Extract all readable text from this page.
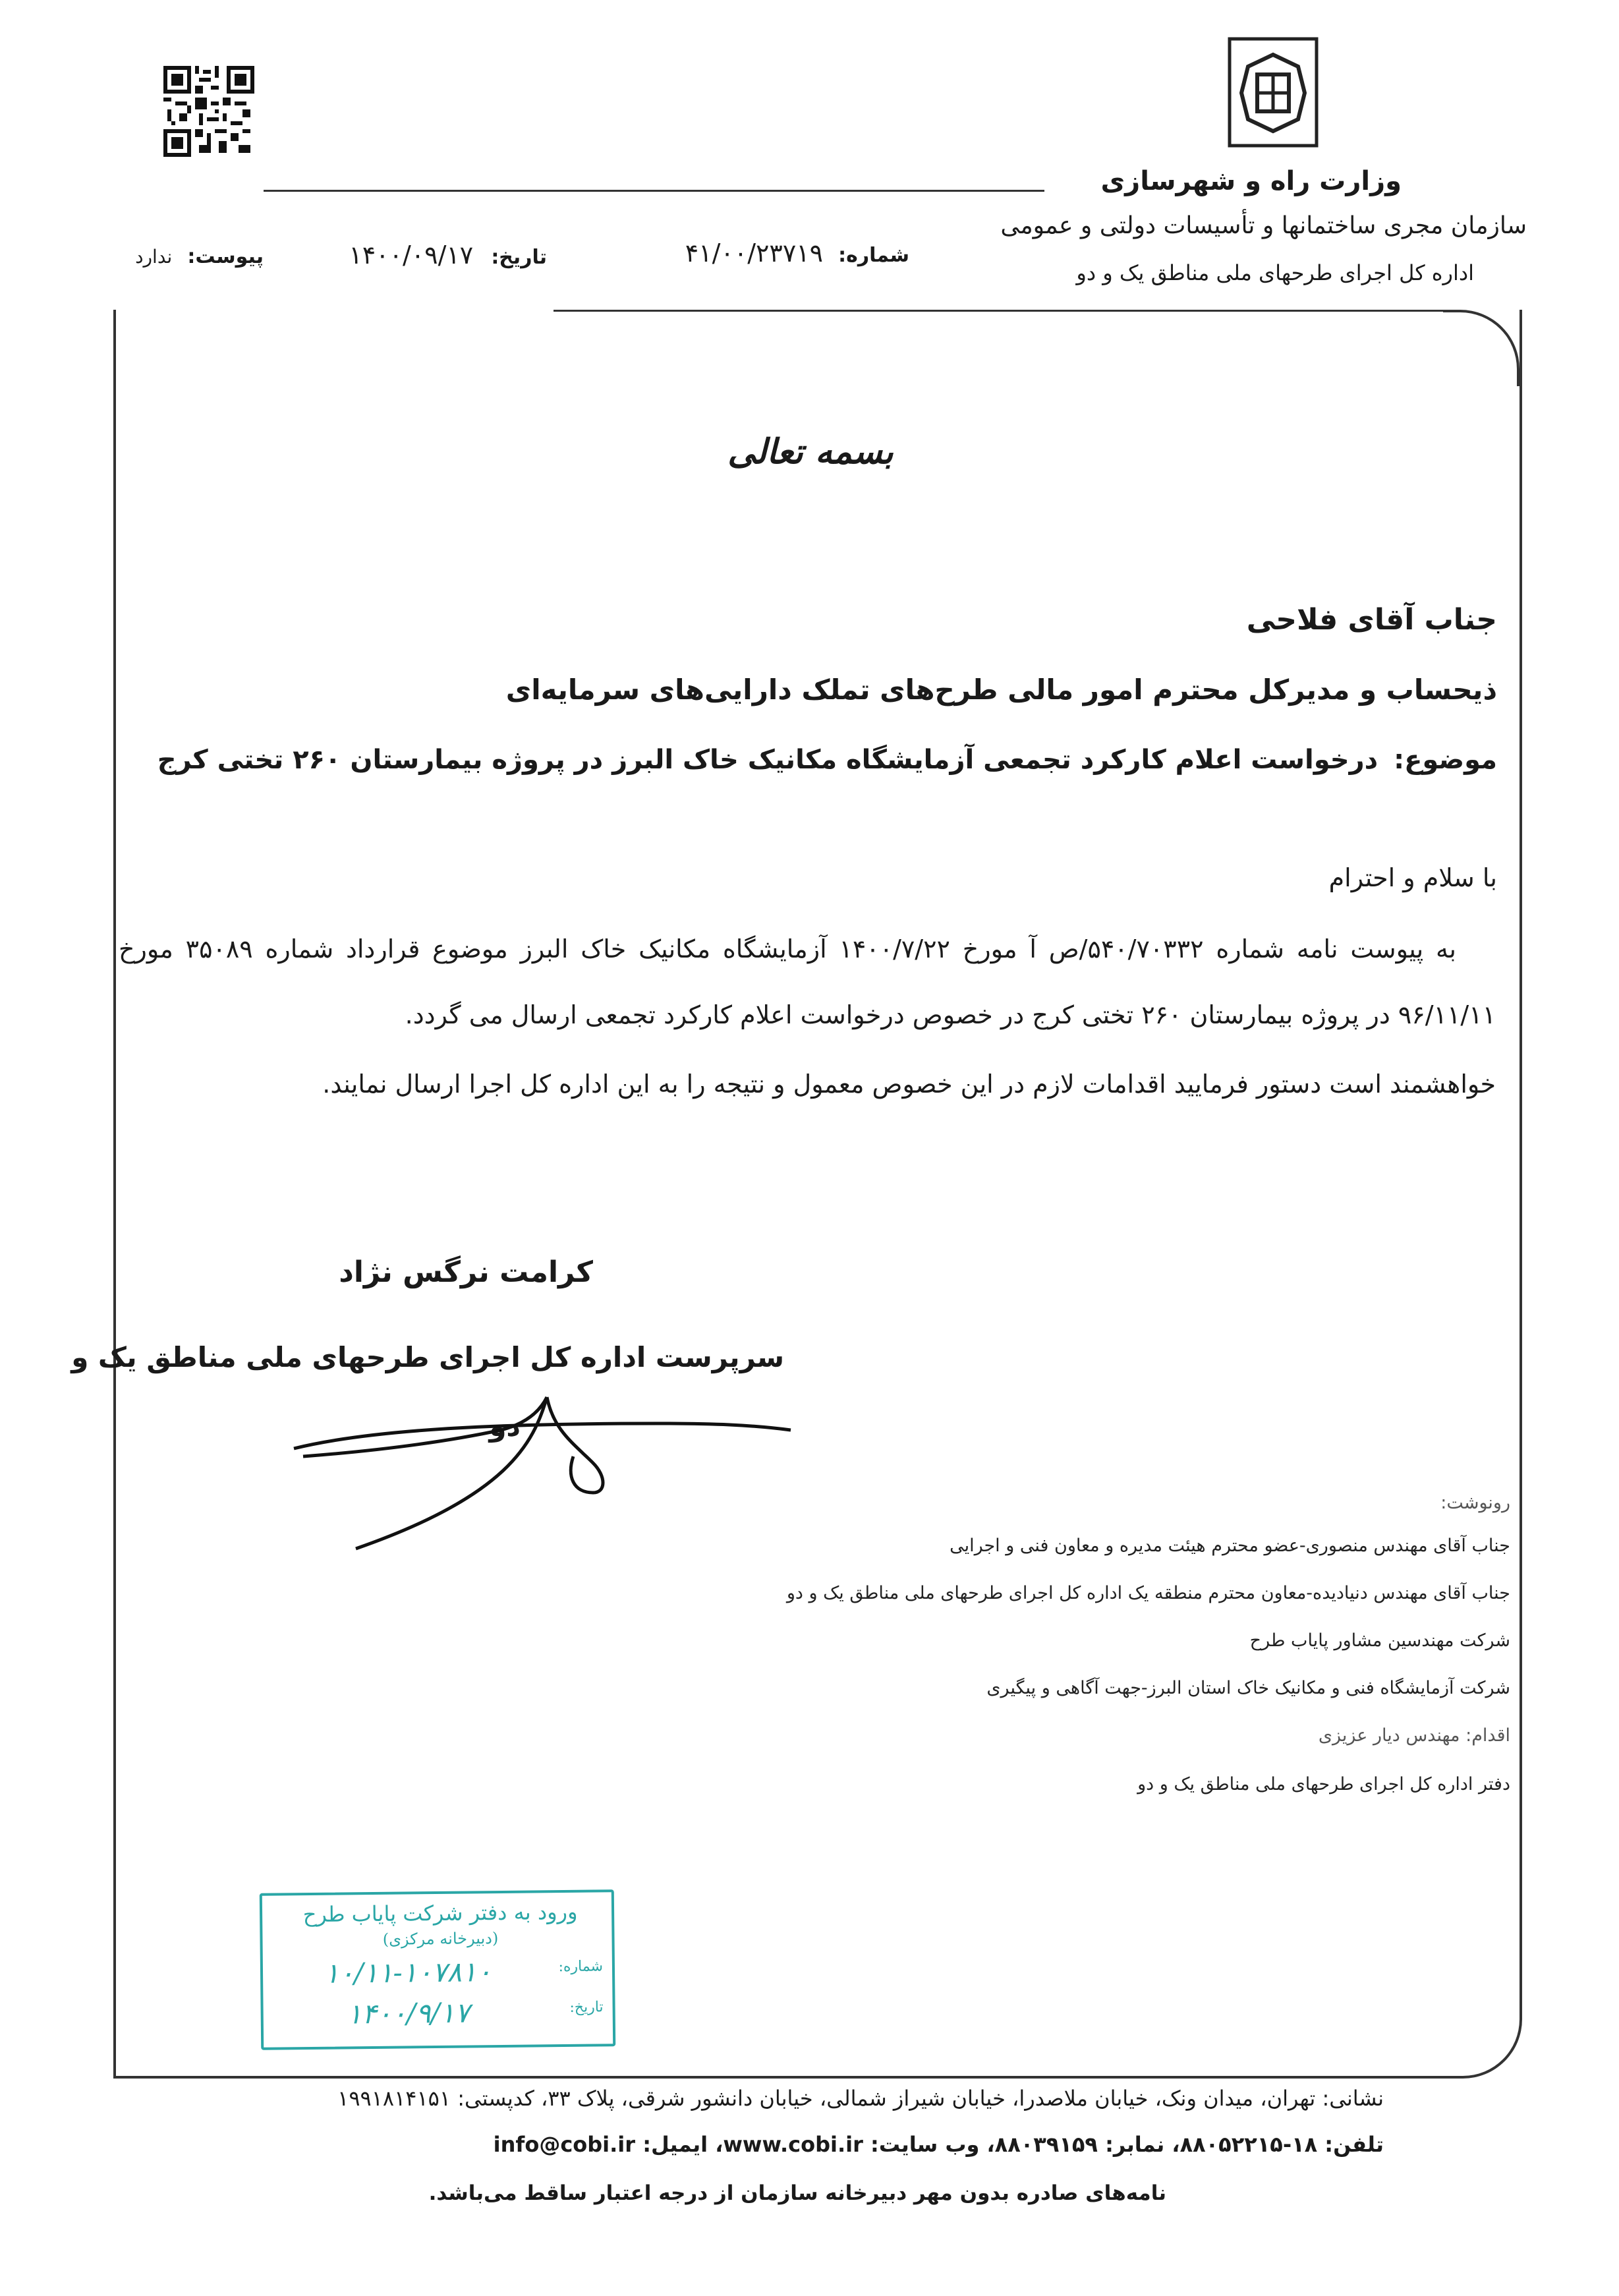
وزارت راه و شهرسازی
سازمان مجری ساختمانها و تأسیسات دولتی و عمومی
اداره کل اجرای طرحهای ملی مناطق یک و دو
شماره: ۴۱/۰۰/۲۳۷۱۹
تاریخ: ۱۴۰۰/۰۹/۱۷
پیوست: ندارد
بسمه تعالی
جناب آقای فلاحی
ذیحساب و مدیرکل محترم امور مالی طرح‌های تملک دارایی‌های سرمایه‌ای
موضوع: درخواست اعلام کارکرد تجمعی آزمایشگاه مکانیک خاک البرز در پروژه بیمارستان ۲۶۰ تختی کرج
با سلام و احترام
به پیوست نامه شماره ۵۴۰/۷۰۳۳۲/ص آ مورخ ۱۴۰۰/۷/۲۲ آزمایشگاه مکانیک خاک البرز موضوع قرارداد شماره ۳۵۰۸۹ مورخ ۹۶/۱۱/۱۱ در پروژه بیمارستان ۲۶۰ تختی کرج در خصوص درخواست اعلام کارکرد تجمعی ارسال می گردد.
خواهشمند است دستور فرمایید اقدامات لازم در این خصوص معمول و نتیجه را به این اداره کل اجرا ارسال نمایند.
کرامت نرگس نژاد
سرپرست اداره کل اجرای طرحهای ملی مناطق یک و
دو
رونوشت:
جناب آقای مهندس منصوری-عضو محترم هیئت مدیره و معاون فنی و اجرایی
جناب آقای مهندس دنیادیده-معاون محترم منطقه یک اداره کل اجرای طرحهای ملی مناطق یک و دو
شرکت مهندسین مشاور پایاب طرح
شرکت آزمایشگاه فنی و مکانیک خاک استان البرز-جهت آگاهی و پیگیری
اقدام: مهندس دیار عزیزی
دفتر اداره کل اجرای طرحهای ملی مناطق یک و دو
ورود به دفتر شرکت پایاب طرح
(دبیرخانه مرکزی)
شماره:
۱۰/۱۱-۱۰۷۸۱۰
تاریخ:
۱۴۰۰/۹/۱۷
نشانی: تهران، میدان ونک، خیابان ملاصدرا، خیابان شیراز شمالی، خیابان دانشور شرقی، پلاک ۳۳، کدپستی: ۱۹۹۱۸۱۴۱۵۱
تلفن: ۱۸-۸۸۰۵۲۲۱۵، نمابر: ۸۸۰۳۹۱۵۹، وب سایت: www.cobi.ir، ایمیل: info@cobi.ir
نامه‌های صادره بدون مهر دبیرخانه سازمان از درجه اعتبار ساقط می‌باشد.
